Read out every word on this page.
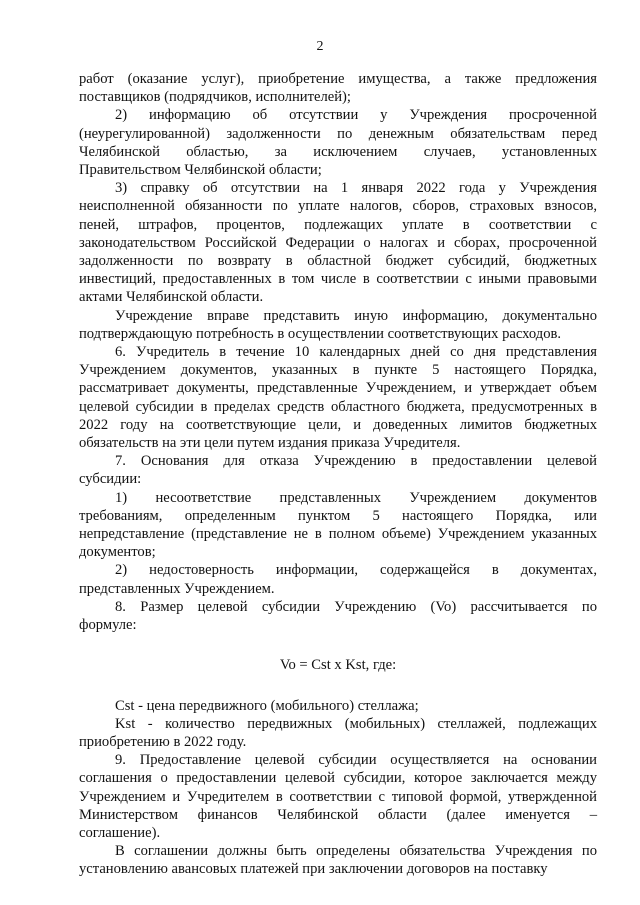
2
работ (оказание услуг), приобретение имущества, а также предложения
поставщиков (подрядчиков, исполнителей);
2) информацию об отсутствии у Учреждения просроченной
(неурегулированной) задолженности по денежным обязательствам перед
Челябинской областью, за исключением случаев, установленных
Правительством Челябинской области;
3) справку об отсутствии на 1 января 2022 года у Учреждения
неисполненной обязанности по уплате налогов, сборов, страховых взносов,
пеней, штрафов, процентов, подлежащих уплате в соответствии с
законодательством Российской Федерации о налогах и сборах, просроченной
задолженности по возврату в областной бюджет субсидий, бюджетных
инвестиций, предоставленных в том числе в соответствии с иными правовыми
актами Челябинской области.
Учреждение вправе представить иную информацию, документально
подтверждающую потребность в осуществлении соответствующих расходов.
6. Учредитель в течение 10 календарных дней со дня представления
Учреждением документов, указанных в пункте 5 настоящего Порядка,
рассматривает документы, представленные Учреждением, и утверждает объем
целевой субсидии в пределах средств областного бюджета, предусмотренных в
2022 году на соответствующие цели, и доведенных лимитов бюджетных
обязательств на эти цели путем издания приказа Учредителя.
7. Основания для отказа Учреждению в предоставлении целевой
субсидии:
1) несоответствие представленных Учреждением документов
требованиям, определенным пунктом 5 настоящего Порядка, или
непредставление (представление не в полном объеме) Учреждением указанных
документов;
2) недостоверность информации, содержащейся в документах,
представленных Учреждением.
8. Размер целевой субсидии Учреждению (Vo) рассчитывается по
формуле:
Vo = Cst x Kst, где:
Cst - цена передвижного (мобильного) стеллажа;
Kst - количество передвижных (мобильных) стеллажей, подлежащих
приобретению в 2022 году.
9. Предоставление целевой субсидии осуществляется на основании
соглашения о предоставлении целевой субсидии, которое заключается между
Учреждением и Учредителем в соответствии с типовой формой, утвержденной
Министерством финансов Челябинской области (далее именуется –
соглашение).
В соглашении должны быть определены обязательства Учреждения по
установлению авансовых платежей при заключении договоров на поставку
